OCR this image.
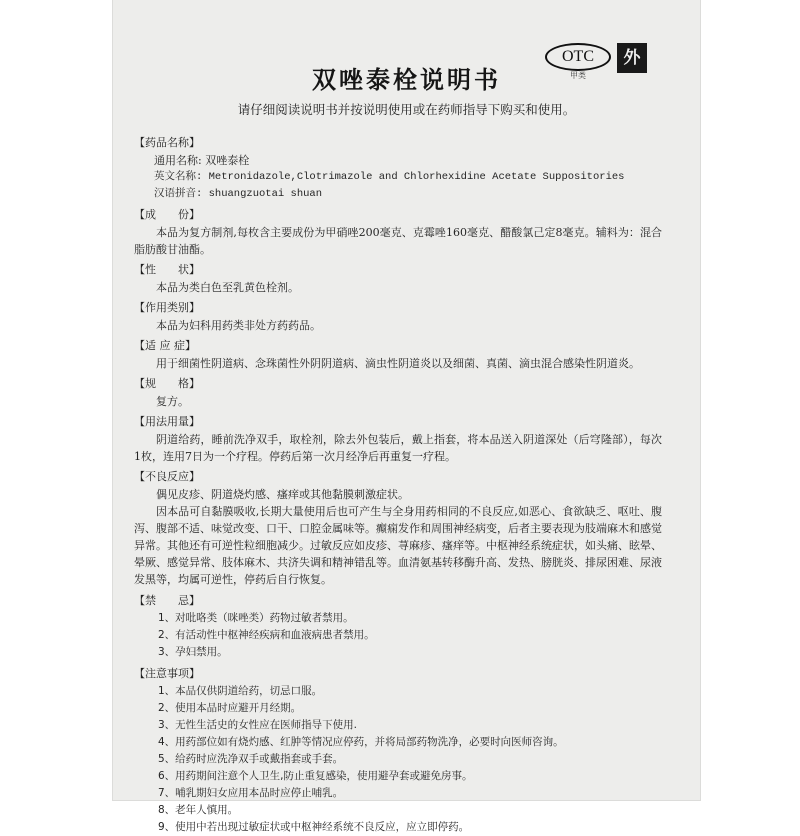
双唑泰栓说明书
OTC
甲类
外
请仔细阅读说明书并按说明使用或在药师指导下购买和使用。
【药品名称】
通用名称: 双唑泰栓
英文名称: Metronidazole,Clotrimazole and Chlorhexidine Acetate Suppositories
汉语拼音: shuangzuotai shuan
【成　　份】
本品为复方制剂,每枚含主要成份为甲硝唑200毫克、克霉唑160毫克、醋酸氯己定8毫克。辅料为：混合脂肪酸甘油酯。
【性　　状】
本品为类白色至乳黄色栓剂。
【作用类别】
本品为妇科用药类非处方药药品。
【适 应 症】
用于细菌性阴道病、念珠菌性外阴阴道病、滴虫性阴道炎以及细菌、真菌、滴虫混合感染性阴道炎。
【规　　格】
复方。
【用法用量】
阴道给药，睡前洗净双手，取栓剂，除去外包装后，戴上指套，将本品送入阴道深处（后穹隆部），每次1枚，连用7日为一个疗程。停药后第一次月经净后再重复一疗程。
【不良反应】
偶见皮疹、阴道烧灼感、瘙痒或其他黏膜刺激症状。
因本品可自黏膜吸收,长期大量使用后也可产生与全身用药相同的不良反应,如恶心、食欲缺乏、呕吐、腹泻、腹部不适、味觉改变、口干、口腔金属味等。癫痫发作和周围神经病变，后者主要表现为肢端麻木和感觉异常。其他还有可逆性粒细胞减少。过敏反应如皮疹、荨麻疹、瘙痒等。中枢神经系统症状，如头痛、眩晕、晕厥、感觉异常、肢体麻木、共济失调和精神错乱等。血清氨基转移酶升高、发热、膀胱炎、排尿困难、尿液发黑等，均属可逆性，停药后自行恢复。
【禁　　忌】
1、对吡咯类（咪唑类）药物过敏者禁用。
2、有活动性中枢神经疾病和血液病患者禁用。
3、孕妇禁用。
【注意事项】
1、本品仅供阴道给药，切忌口服。
2、使用本品时应避开月经期。
3、无性生活史的女性应在医师指导下使用.
4、用药部位如有烧灼感、红肿等情况应停药，并将局部药物洗净，必要时向医师咨询。
5、给药时应洗净双手或戴指套或手套。
6、用药期间注意个人卫生,防止重复感染，使用避孕套或避免房事。
7、哺乳期妇女应用本品时应停止哺乳。
8、老年人慎用。
9、使用中若出现过敏症状或中枢神经系统不良反应，应立即停药。
